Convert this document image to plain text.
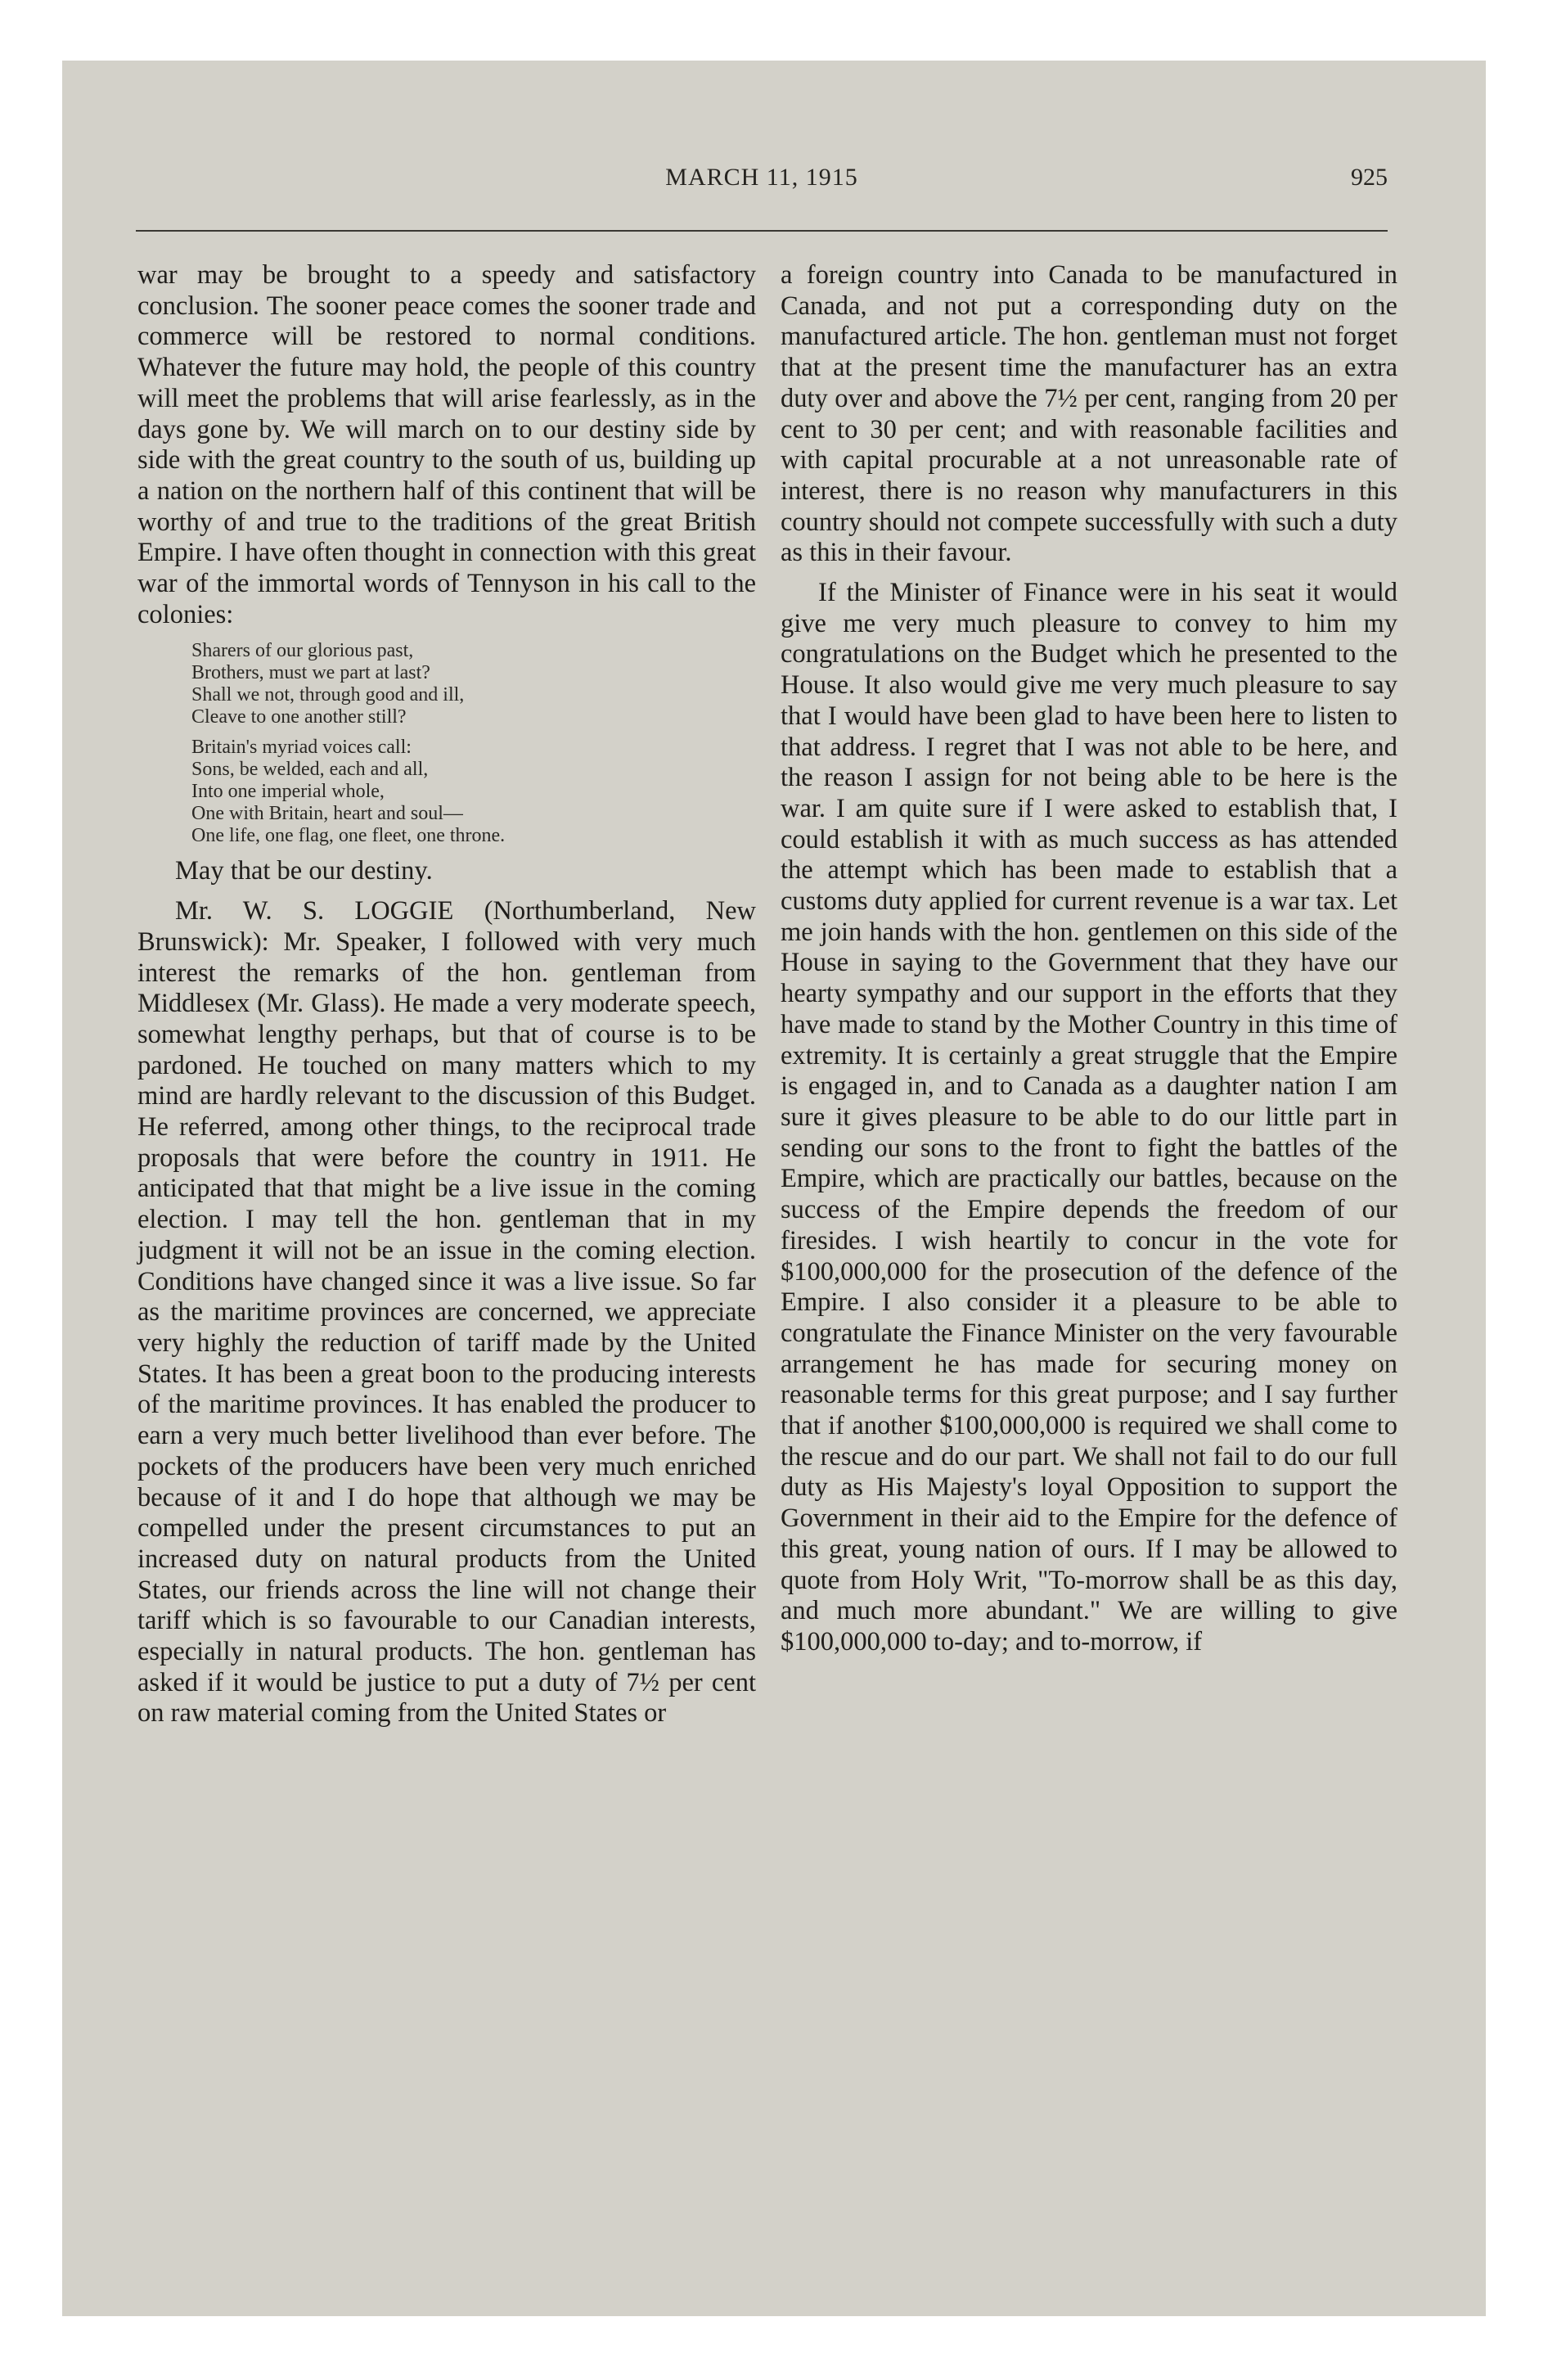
MARCH 11, 1915	925

war may be brought to a speedy and satisfactory conclusion. The sooner peace comes the sooner trade and commerce will be restored to normal conditions. Whatever the future may hold, the people of this country will meet the problems that will arise fearlessly, as in the days gone by. We will march on to our destiny side by side with the great country to the south of us, building up a nation on the northern half of this continent that will be worthy of and true to the traditions of the great British Empire. I have often thought in connection with this great war of the immortal words of Tennyson in his call to the colonies:

Sharers of our glorious past,
Brothers, must we part at last?
Shall we not, through good and ill,
Cleave to one another still?
Britain's myriad voices call:
Sons, be welded, each and all,
Into one imperial whole,
One with Britain, heart and soul—
One life, one flag, one fleet, one throne.

May that be our destiny.

Mr. W. S. LOGGIE (Northumberland, New Brunswick): Mr. Speaker, I followed with very much interest the remarks of the hon. gentleman from Middlesex (Mr. Glass). He made a very moderate speech, somewhat lengthy perhaps, but that of course is to be pardoned. He touched on many matters which to my mind are hardly relevant to the discussion of this Budget. He referred, among other things, to the reciprocal trade proposals that were before the country in 1911. He anticipated that that might be a live issue in the coming election. I may tell the hon. gentleman that in my judgment it will not be an issue in the coming election. Conditions have changed since it was a live issue. So far as the maritime provinces are concerned, we appreciate very highly the reduction of tariff made by the United States. It has been a great boon to the producing interests of the maritime provinces. It has enabled the producer to earn a very much better livelihood than ever before. The pockets of the producers have been very much enriched because of it and I do hope that although we may be compelled under the present circumstances to put an increased duty on natural products from the United States, our friends across the line will not change their tariff which is so favourable to our Canadian interests, especially in natural products. The hon. gentleman has asked if it would be justice to put a duty of 7½ per cent on raw material coming from the United States or

a foreign country into Canada to be manufactured in Canada, and not put a corresponding duty on the manufactured article. The hon. gentleman must not forget that at the present time the manufacturer has an extra duty over and above the 7½ per cent, ranging from 20 per cent to 30 per cent; and with reasonable facilities and with capital procurable at a not unreasonable rate of interest, there is no reason why manufacturers in this country should not compete successfully with such a duty as this in their favour.

If the Minister of Finance were in his seat it would give me very much pleasure to convey to him my congratulations on the Budget which he presented to the House. It also would give me very much pleasure to say that I would have been glad to have been here to listen to that address. I regret that I was not able to be here, and the reason I assign for not being able to be here is the war. I am quite sure if I were asked to establish that, I could establish it with as much success as has attended the attempt which has been made to establish that a customs duty applied for current revenue is a war tax. Let me join hands with the hon. gentlemen on this side of the House in saying to the Government that they have our hearty sympathy and our support in the efforts that they have made to stand by the Mother Country in this time of extremity. It is certainly a great struggle that the Empire is engaged in, and to Canada as a daughter nation I am sure it gives pleasure to be able to do our little part in sending our sons to the front to fight the battles of the Empire, which are practically our battles, because on the success of the Empire depends the freedom of our firesides. I wish heartily to concur in the vote for $100,000,000 for the prosecution of the defence of the Empire. I also consider it a pleasure to be able to congratulate the Finance Minister on the very favourable arrangement he has made for securing money on reasonable terms for this great purpose; and I say further that if another $100,000,000 is required we shall come to the rescue and do our part. We shall not fail to do our full duty as His Majesty's loyal Opposition to support the Government in their aid to the Empire for the defence of this great, young nation of ours. If I may be allowed to quote from Holy Writ, "To-morrow shall be as this day, and much more abundant." We are willing to give $100,000,000 to-day; and to-morrow, if
